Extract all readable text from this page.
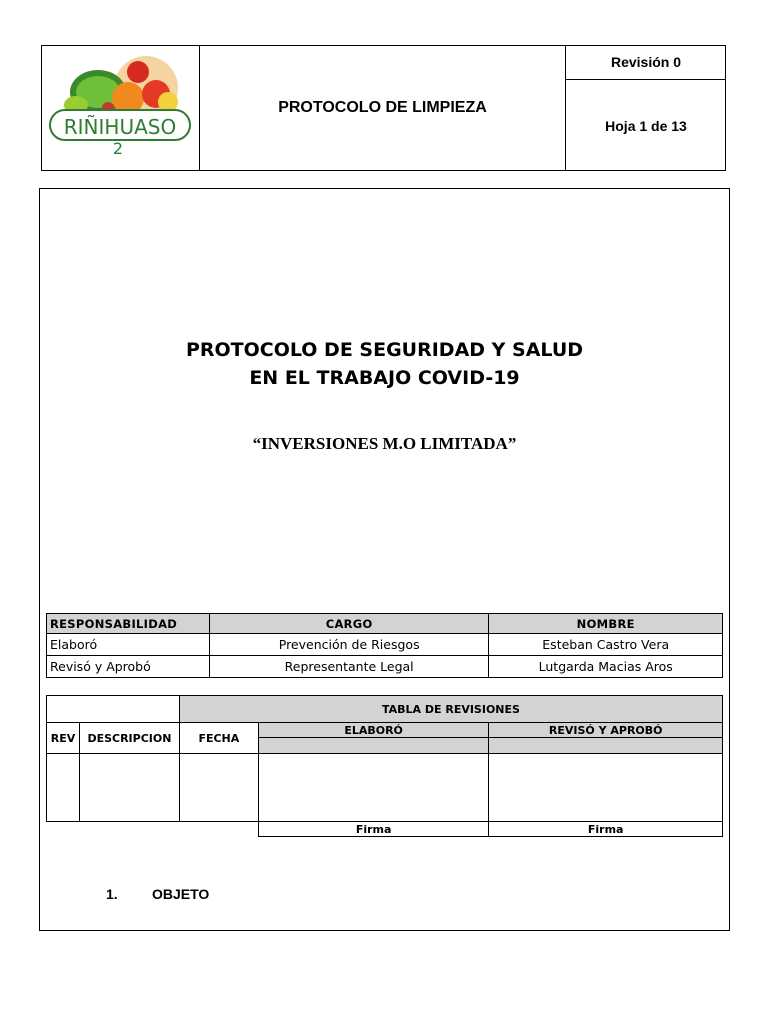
RIÑIHUASO
2
PROTOCOLO DE LIMPIEZA
Revisión 0
Hoja 1 de 13
PROTOCOLO DE SEGURIDAD Y SALUD
EN EL TRABAJO COVID-19
“INVERSIONES M.O LIMITADA”
RESPONSABILIDAD	CARGO	NOMBRE
Elaboró	Prevención de Riesgos	Esteban Castro Vera
Revisó y Aprobó	Representante Legal	Lutgarda Macias Aros
		TABLA DE REVISIONES		
REV	DESCRIPCION	FECHA	ELABORÓ	REVISÓ Y APROBÓ

			Firma	Firma
1. OBJETO
